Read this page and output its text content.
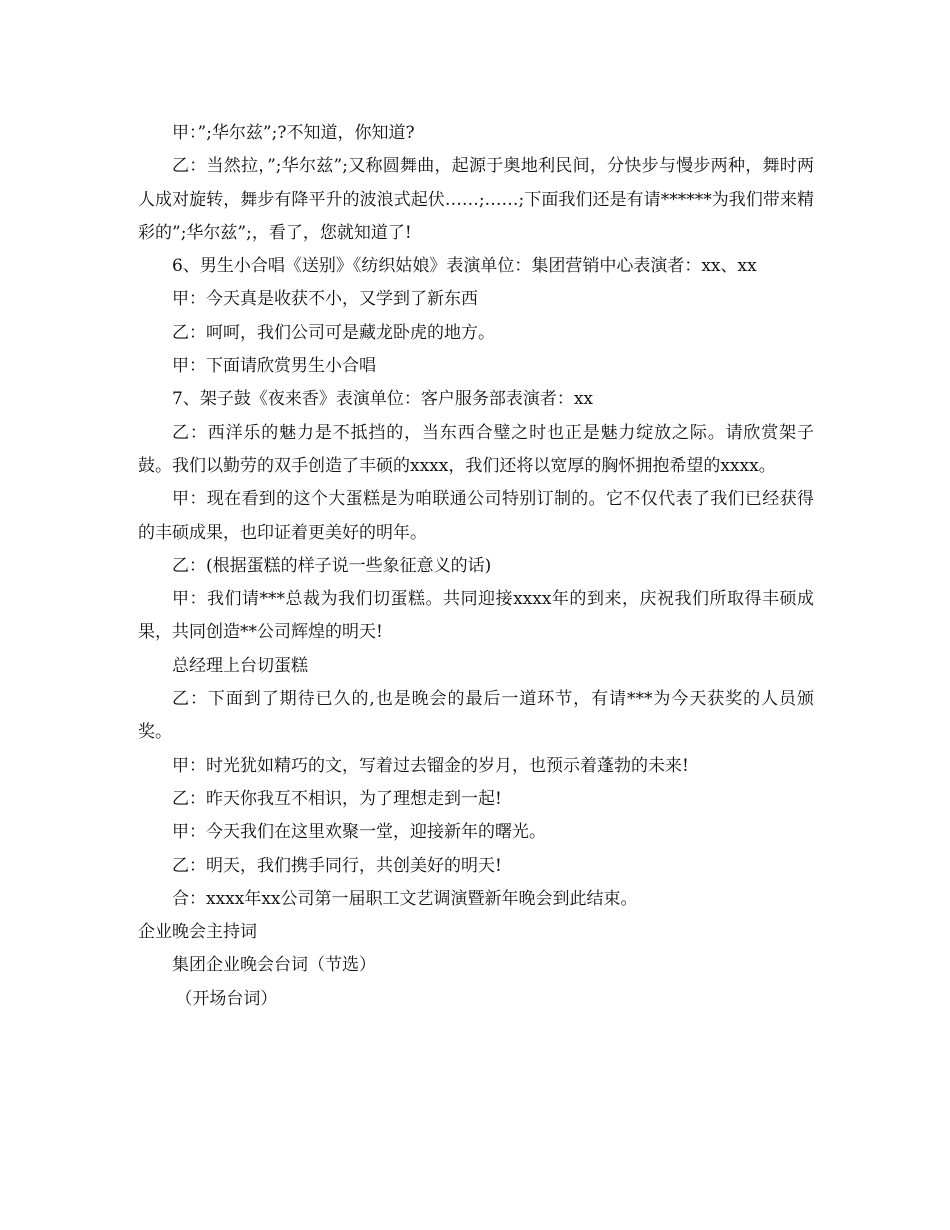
甲：”;华尔兹”;?不知道，你知道?

乙：当然拉，”;华尔兹”;又称圆舞曲，起源于奥地利民间，分快步与慢步两种，舞时两人成对旋转，舞步有降平升的波浪式起伏……;……;下面我们还是有请******为我们带来精彩的”;华尔兹”;，看了，您就知道了!

6、男生小合唱《送别》《纺织姑娘》表演单位：集团营销中心表演者：xx、xx

甲：今天真是收获不小，又学到了新东西

乙：呵呵，我们公司可是藏龙卧虎的地方。

甲：下面请欣赏男生小合唱

7、架子鼓《夜来香》表演单位：客户服务部表演者：xx

乙：西洋乐的魅力是不抵挡的，当东西合璧之时也正是魅力绽放之际。请欣赏架子鼓。我们以勤劳的双手创造了丰硕的xxxx，我们还将以宽厚的胸怀拥抱希望的xxxx。

甲：现在看到的这个大蛋糕是为咱联通公司特别订制的。它不仅代表了我们已经获得的丰硕成果，也印证着更美好的明年。

乙：(根据蛋糕的样子说一些象征意义的话)

甲：我们请***总裁为我们切蛋糕。共同迎接xxxx年的到来，庆祝我们所取得丰硕成果，共同创造**公司辉煌的明天!

总经理上台切蛋糕

乙：下面到了期待已久的,也是晚会的最后一道环节，有请***为今天获奖的人员颁奖。

甲：时光犹如精巧的文，写着过去镏金的岁月，也预示着蓬勃的未来!

乙：昨天你我互不相识，为了理想走到一起!

甲：今天我们在这里欢聚一堂，迎接新年的曙光。

乙：明天，我们携手同行，共创美好的明天!

合：xxxx年xx公司第一届职工文艺调演暨新年晚会到此结束。

企业晚会主持词

集团企业晚会台词（节选）

（开场台词）
